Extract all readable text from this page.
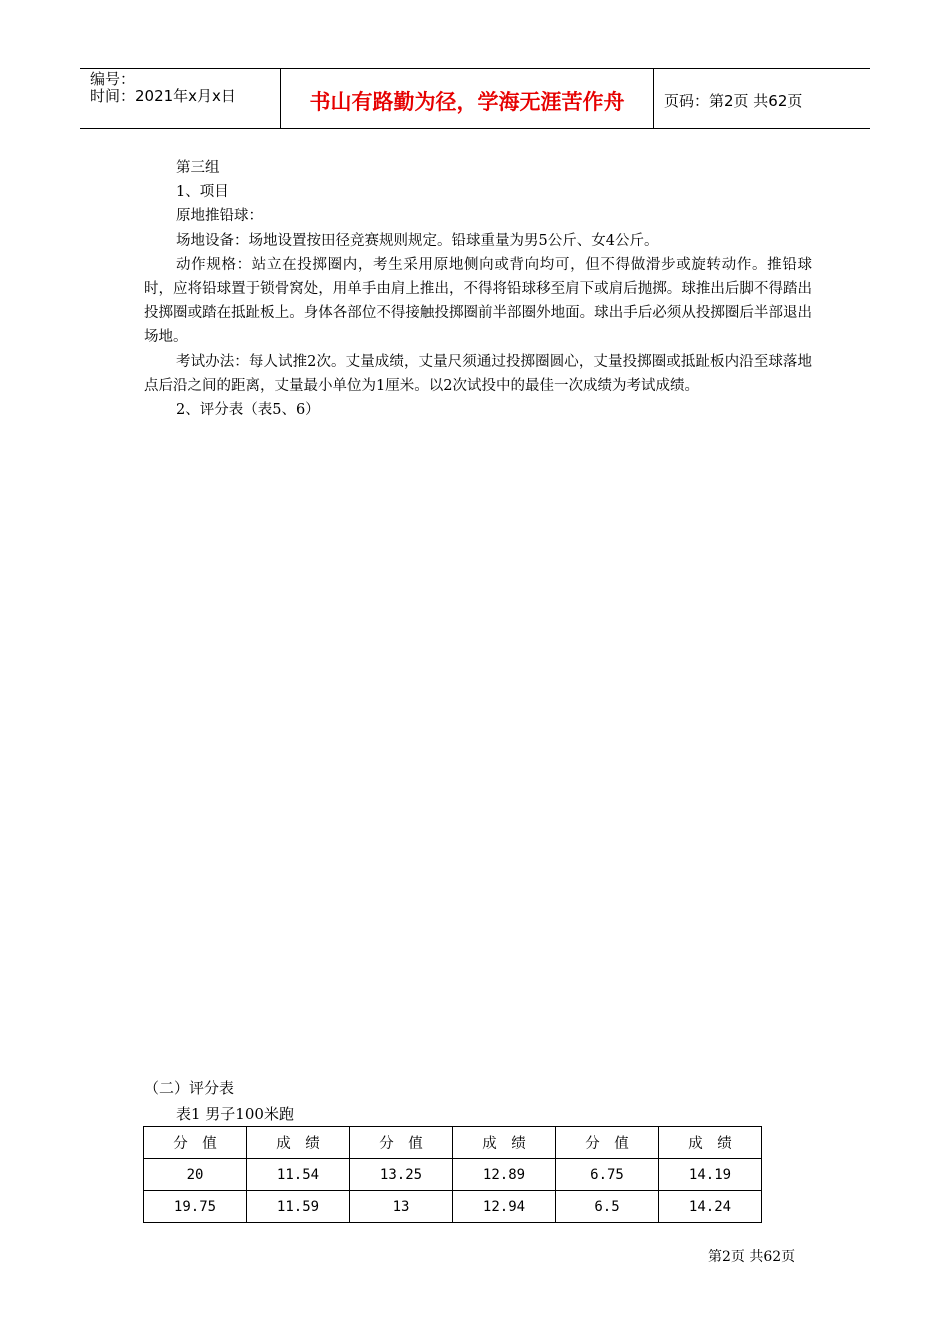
编号：
时间：2021年x月x日	书山有路勤为径，学海无涯苦作舟	页码：第2页 共62页

第三组

1、项目

原地推铅球：

场地设备：场地设置按田径竞赛规则规定。铅球重量为男5公斤、女4公斤。

动作规格：站立在投掷圈内，考生采用原地侧向或背向均可，但不得做滑步或旋转动作。推铅球时，应将铅球置于锁骨窝处，用单手由肩上推出，不得将铅球移至肩下或肩后抛掷。球推出后脚不得踏出投掷圈或踏在抵趾板上。身体各部位不得接触投掷圈前半部圈外地面。球出手后必须从投掷圈后半部退出场地。

考试办法：每人试推2次。丈量成绩，丈量尺须通过投掷圈圆心，丈量投掷圈或抵趾板内沿至球落地点后沿之间的距离，丈量最小单位为1厘米。以2次试投中的最佳一次成绩为考试成绩。

2、评分表（表5、6）

（二）评分表
表1 男子100米跑
分　值	成　绩	分　值	成　绩	分　值	成　绩
20	11.54	13.25	12.89	6.75	14.19
19.75	11.59	13	12.94	6.5	14.24
第2页 共62页
